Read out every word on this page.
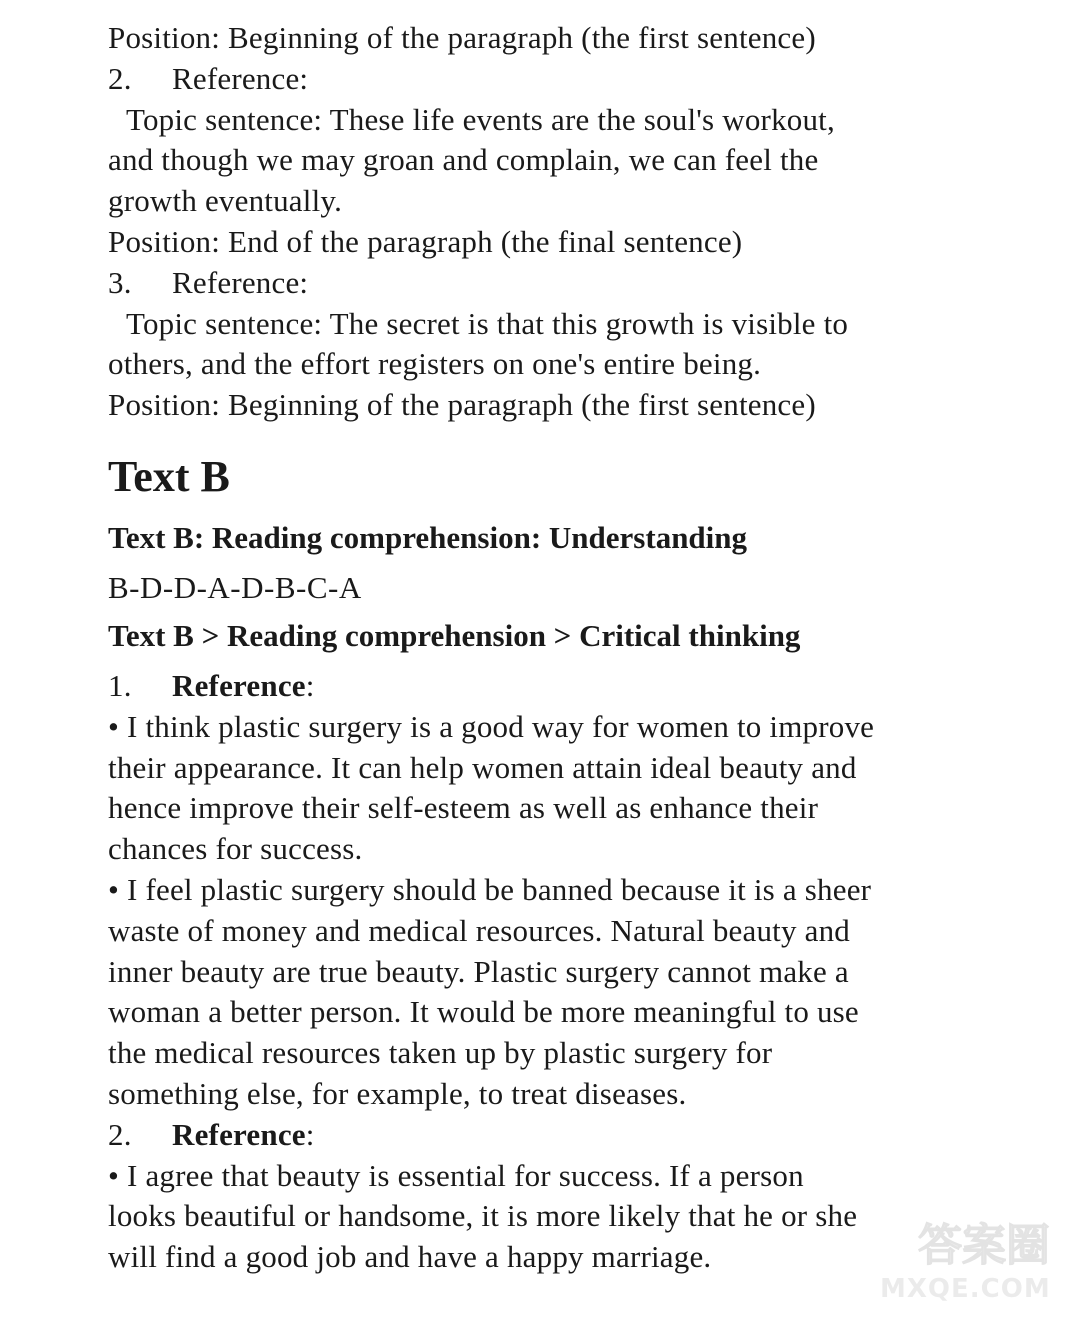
Position: Beginning of the paragraph (the first sentence)
2. Reference:
Topic sentence: These life events are the soul's workout,
and though we may groan and complain, we can feel the
growth eventually.
Position: End of the paragraph (the final sentence)
3. Reference:
Topic sentence: The secret is that this growth is visible to
others, and the effort registers on one's entire being.
Position: Beginning of the paragraph (the first sentence)
Text B
Text B: Reading comprehension: Understanding
B-D-D-A-D-B-C-A
Text B > Reading comprehension > Critical thinking
1. Reference:
• I think plastic surgery is a good way for women to improve
their appearance. It can help women attain ideal beauty and
hence improve their self-esteem as well as enhance their
chances for success.
• I feel plastic surgery should be banned because it is a sheer
waste of money and medical resources. Natural beauty and
inner beauty are true beauty. Plastic surgery cannot make a
woman a better person. It would be more meaningful to use
the medical resources taken up by plastic surgery for
something else, for example, to treat diseases.
2. Reference:
• I agree that beauty is essential for success. If a person
looks beautiful or handsome, it is more likely that he or she
will find a good job and have a happy marriage.	答案圈
MXQE.COM
